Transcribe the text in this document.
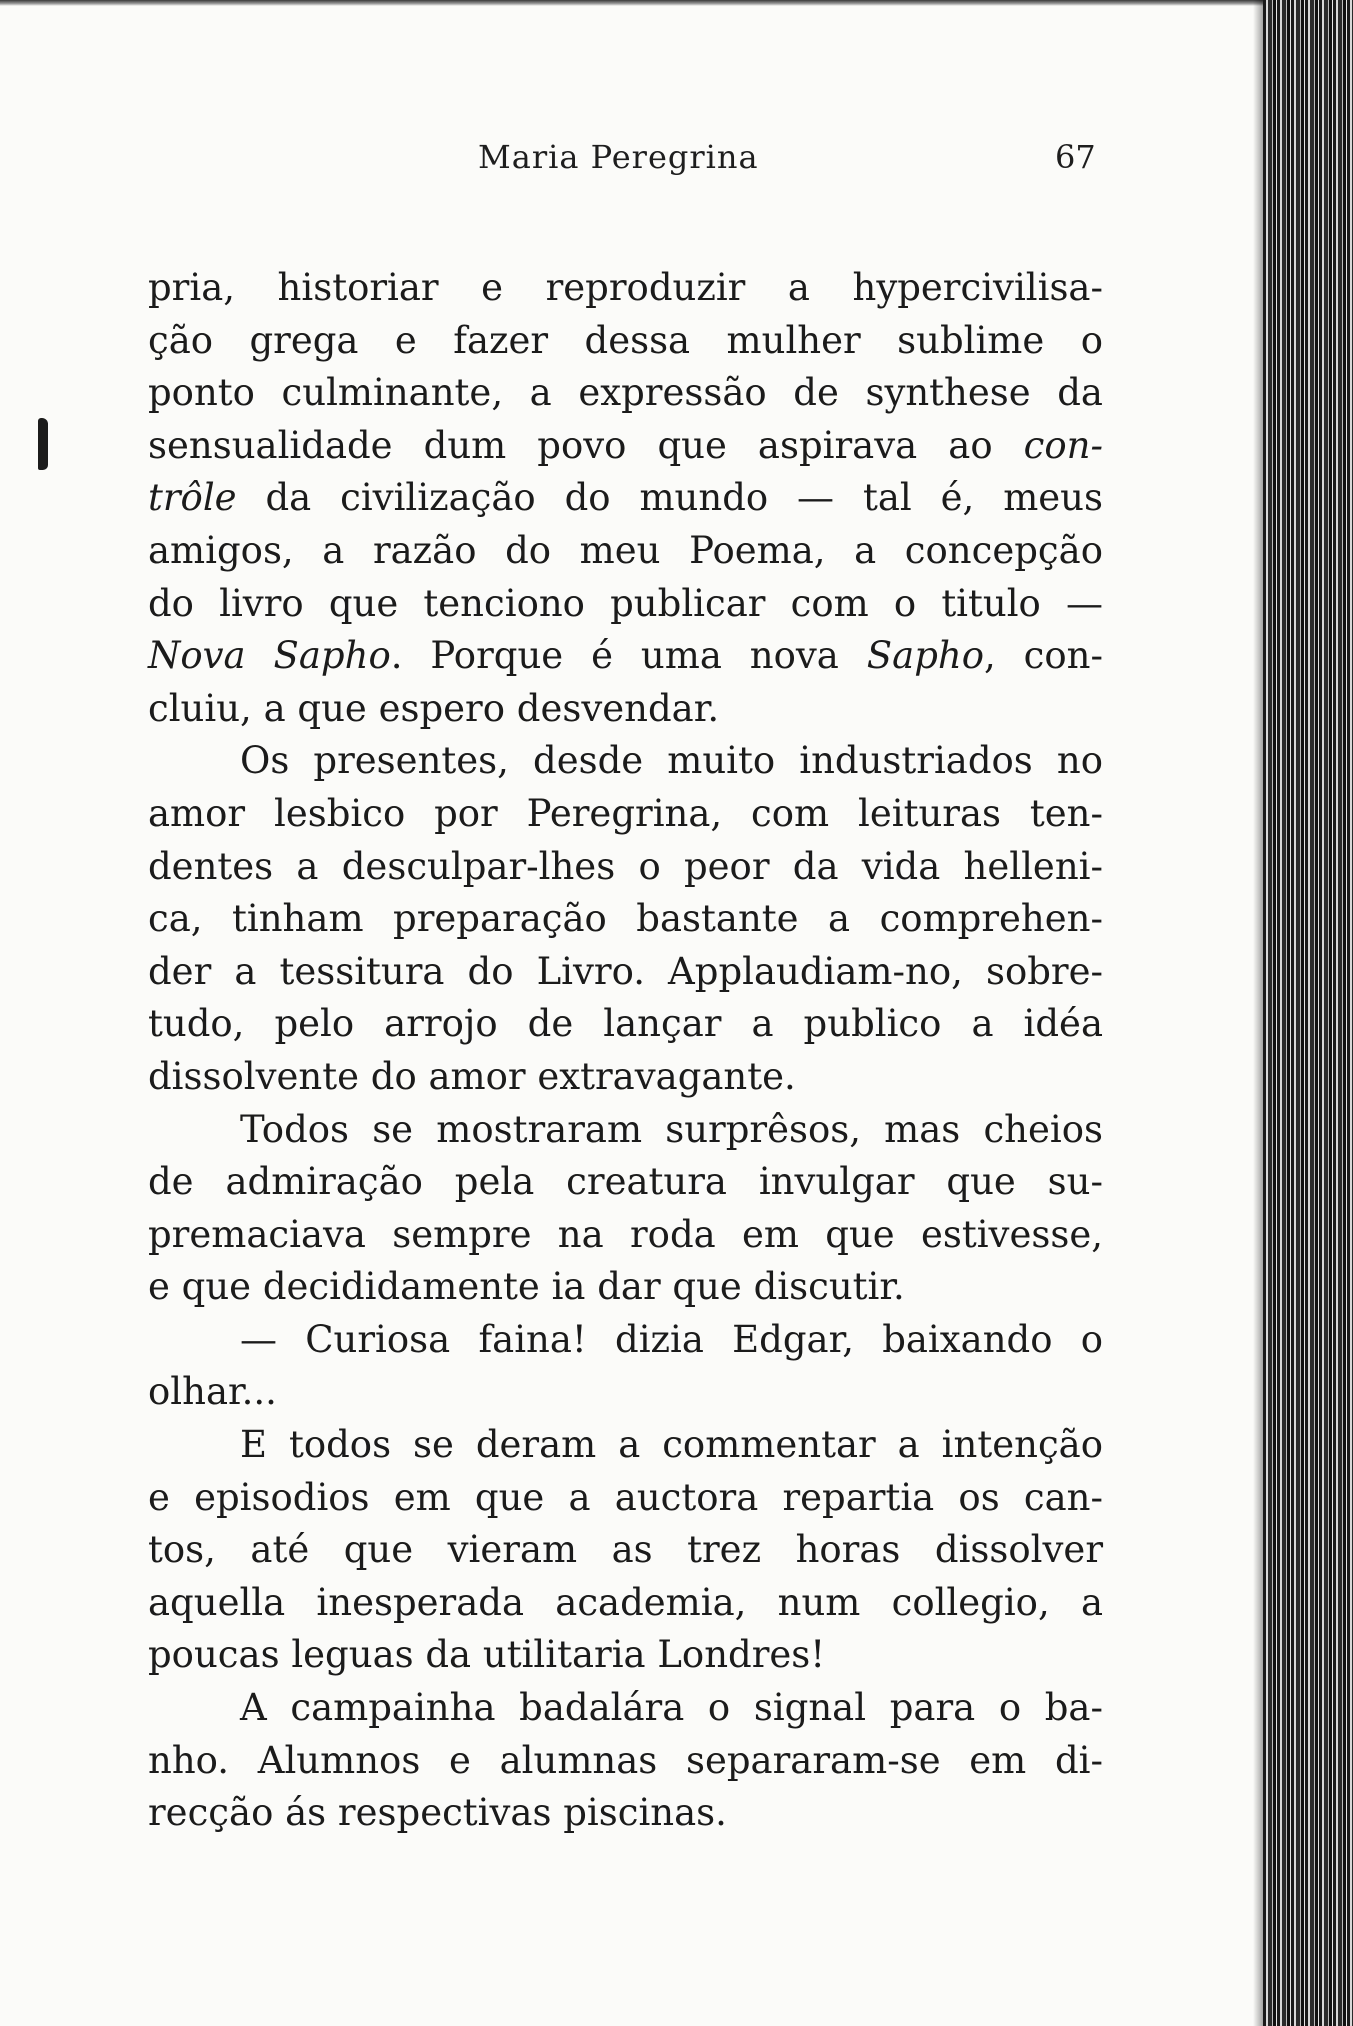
Maria Peregrina	67
pria, historiar e reproduzir a hypercivilisa-
ção grega e fazer dessa mulher sublime o
ponto culminante, a expressão de synthese da
sensualidade dum povo que aspirava ao con-
trôle da civilização do mundo — tal é, meus
amigos, a razão do meu Poema, a concepção
do livro que tenciono publicar com o titulo —
Nova Sapho. Porque é uma nova Sapho, con-
cluiu, a que espero desvendar.
Os presentes, desde muito industriados no
amor lesbico por Peregrina, com leituras ten-
dentes a desculpar-lhes o peor da vida helleni-
ca, tinham preparação bastante a comprehen-
der a tessitura do Livro. Applaudiam-no, sobre-
tudo, pelo arrojo de lançar a publico a idéa
dissolvente do amor extravagante.
Todos se mostraram surprêsos, mas cheios
de admiração pela creatura invulgar que su-
premaciava sempre na roda em que estivesse,
e que decididamente ia dar que discutir.
— Curiosa faina! dizia Edgar, baixando o
olhar...
E todos se deram a commentar a intenção
e episodios em que a auctora repartia os can-
tos, até que vieram as trez horas dissolver
aquella inesperada academia, num collegio, a
poucas leguas da utilitaria Londres!
A campainha badalára o signal para o ba-
nho. Alumnos e alumnas separaram-se em di-
recção ás respectivas piscinas.
